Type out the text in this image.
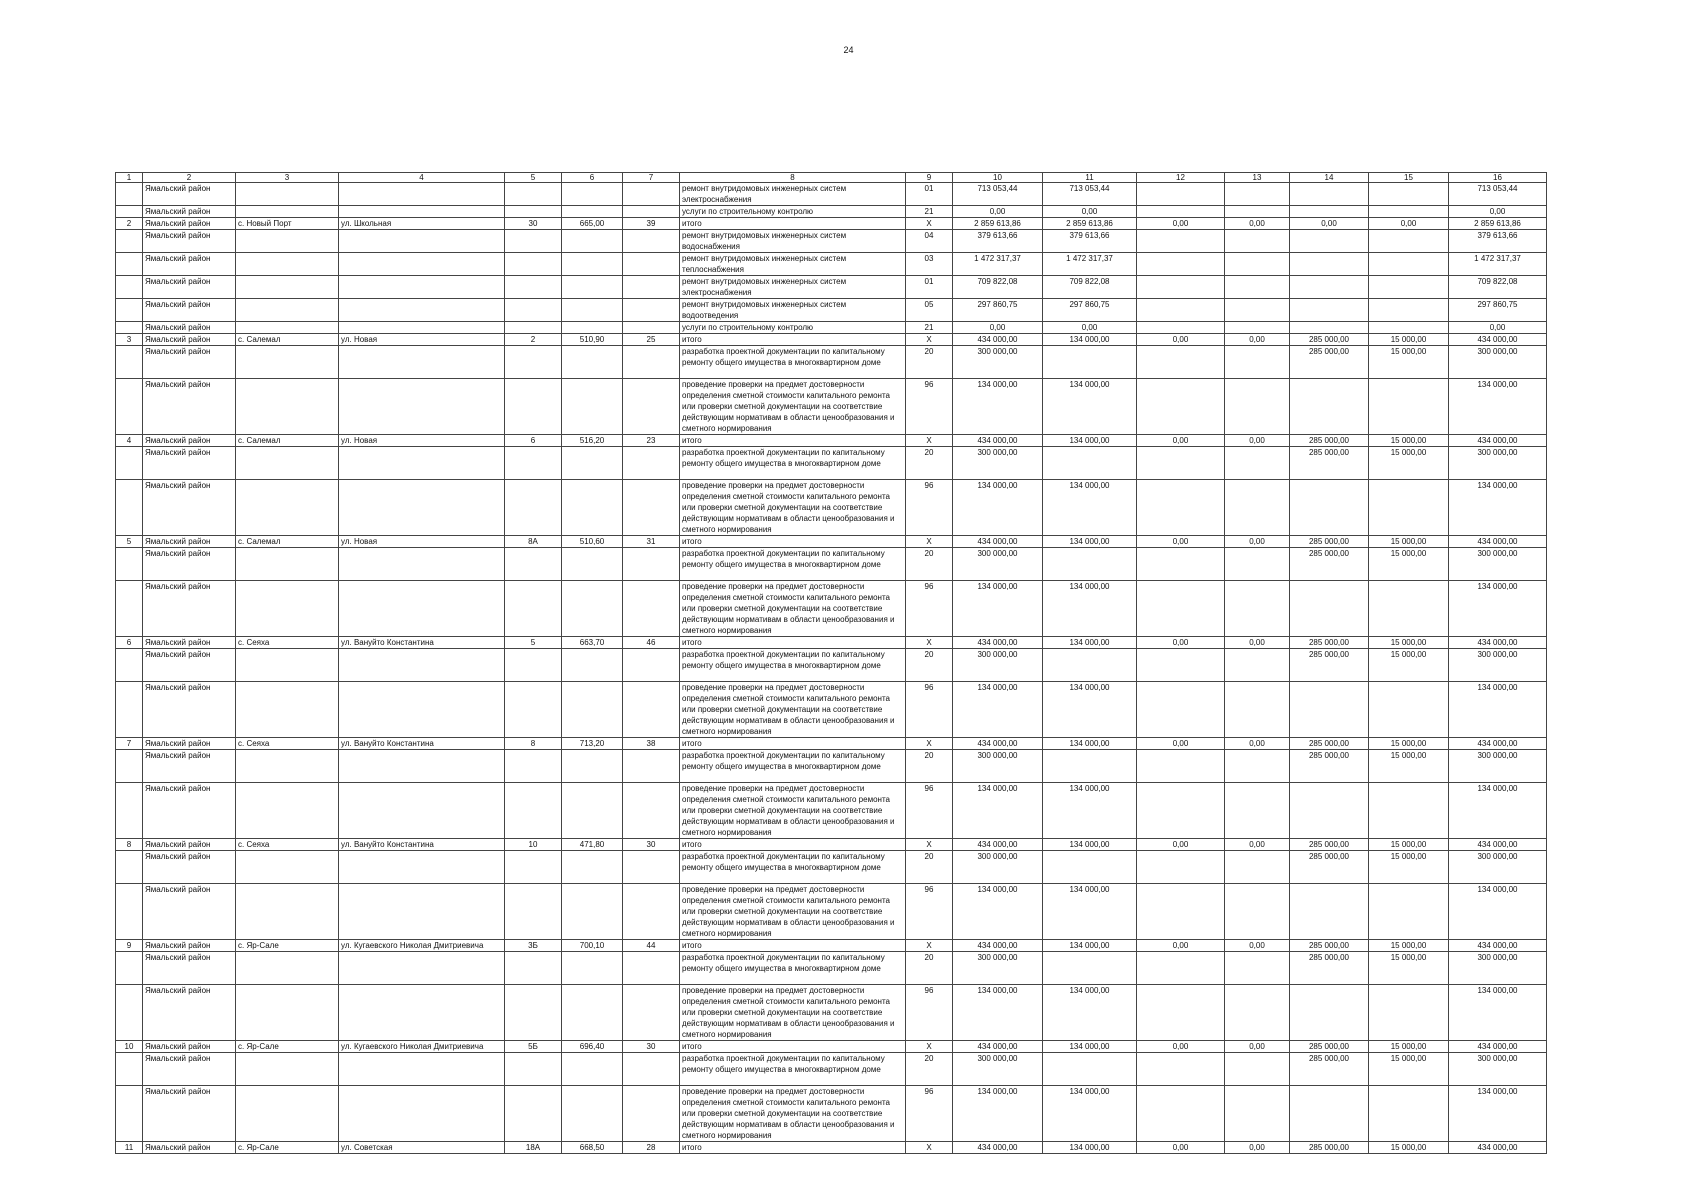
24
1	2	3	4	5	6	7	8	9	10	11	12	13	14	15	16
	Ямальский район						ремонт внутридомовых инженерных систем электроснабжения	01	713 053,44	713 053,44					713 053,44
	Ямальский район						услуги по строительному контролю	21	0,00	0,00					0,00
2	Ямальский район	с. Новый Порт	ул. Школьная	30	665,00	39	итого	Х	2 859 613,86	2 859 613,86	0,00	0,00	0,00	0,00	2 859 613,86
	Ямальский район						ремонт внутридомовых инженерных систем водоснабжения	04	379 613,66	379 613,66					379 613,66
	Ямальский район						ремонт внутридомовых инженерных систем теплоснабжения	03	1 472 317,37	1 472 317,37					1 472 317,37
	Ямальский район						ремонт внутридомовых инженерных систем электроснабжения	01	709 822,08	709 822,08					709 822,08
	Ямальский район						ремонт внутридомовых инженерных систем водоотведения	05	297 860,75	297 860,75					297 860,75
	Ямальский район						услуги по строительному контролю	21	0,00	0,00					0,00
3	Ямальский район	с. Салемал	ул. Новая	2	510,90	25	итого	Х	434 000,00	134 000,00	0,00	0,00	285 000,00	15 000,00	434 000,00
	Ямальский район						разработка проектной документации по капитальному ремонту общего имущества в многоквартирном доме	20	300 000,00				285 000,00	15 000,00	300 000,00
	Ямальский район						проведение проверки на предмет достоверности определения сметной стоимости капитального ремонта или проверки сметной документации на соответствие действующим нормативам в области ценообразования и сметного нормирования	96	134 000,00	134 000,00					134 000,00
4	Ямальский район	с. Салемал	ул. Новая	6	516,20	23	итого	Х	434 000,00	134 000,00	0,00	0,00	285 000,00	15 000,00	434 000,00
	Ямальский район						разработка проектной документации по капитальному ремонту общего имущества в многоквартирном доме	20	300 000,00				285 000,00	15 000,00	300 000,00
	Ямальский район						проведение проверки на предмет достоверности определения сметной стоимости капитального ремонта или проверки сметной документации на соответствие действующим нормативам в области ценообразования и сметного нормирования	96	134 000,00	134 000,00					134 000,00
5	Ямальский район	с. Салемал	ул. Новая	8А	510,60	31	итого	Х	434 000,00	134 000,00	0,00	0,00	285 000,00	15 000,00	434 000,00
	Ямальский район						разработка проектной документации по капитальному ремонту общего имущества в многоквартирном доме	20	300 000,00				285 000,00	15 000,00	300 000,00
	Ямальский район						проведение проверки на предмет достоверности определения сметной стоимости капитального ремонта или проверки сметной документации на соответствие действующим нормативам в области ценообразования и сметного нормирования	96	134 000,00	134 000,00					134 000,00
6	Ямальский район	с. Сеяха	ул. Вануйто Константина	5	663,70	46	итого	Х	434 000,00	134 000,00	0,00	0,00	285 000,00	15 000,00	434 000,00
	Ямальский район						разработка проектной документации по капитальному ремонту общего имущества в многоквартирном доме	20	300 000,00				285 000,00	15 000,00	300 000,00
	Ямальский район						проведение проверки на предмет достоверности определения сметной стоимости капитального ремонта или проверки сметной документации на соответствие действующим нормативам в области ценообразования и сметного нормирования	96	134 000,00	134 000,00					134 000,00
7	Ямальский район	с. Сеяха	ул. Вануйто Константина	8	713,20	38	итого	Х	434 000,00	134 000,00	0,00	0,00	285 000,00	15 000,00	434 000,00
	Ямальский район						разработка проектной документации по капитальному ремонту общего имущества в многоквартирном доме	20	300 000,00				285 000,00	15 000,00	300 000,00
	Ямальский район						проведение проверки на предмет достоверности определения сметной стоимости капитального ремонта или проверки сметной документации на соответствие действующим нормативам в области ценообразования и сметного нормирования	96	134 000,00	134 000,00					134 000,00
8	Ямальский район	с. Сеяха	ул. Вануйто Константина	10	471,80	30	итого	Х	434 000,00	134 000,00	0,00	0,00	285 000,00	15 000,00	434 000,00
	Ямальский район						разработка проектной документации по капитальному ремонту общего имущества в многоквартирном доме	20	300 000,00				285 000,00	15 000,00	300 000,00
	Ямальский район						проведение проверки на предмет достоверности определения сметной стоимости капитального ремонта или проверки сметной документации на соответствие действующим нормативам в области ценообразования и сметного нормирования	96	134 000,00	134 000,00					134 000,00
9	Ямальский район	с. Яр-Сале	ул. Кугаевского Николая Дмитриевича	3Б	700,10	44	итого	Х	434 000,00	134 000,00	0,00	0,00	285 000,00	15 000,00	434 000,00
	Ямальский район						разработка проектной документации по капитальному ремонту общего имущества в многоквартирном доме	20	300 000,00				285 000,00	15 000,00	300 000,00
	Ямальский район						проведение проверки на предмет достоверности определения сметной стоимости капитального ремонта или проверки сметной документации на соответствие действующим нормативам в области ценообразования и сметного нормирования	96	134 000,00	134 000,00					134 000,00
10	Ямальский район	с. Яр-Сале	ул. Кугаевского Николая Дмитриевича	5Б	696,40	30	итого	Х	434 000,00	134 000,00	0,00	0,00	285 000,00	15 000,00	434 000,00
	Ямальский район						разработка проектной документации по капитальному ремонту общего имущества в многоквартирном доме	20	300 000,00				285 000,00	15 000,00	300 000,00
	Ямальский район						проведение проверки на предмет достоверности определения сметной стоимости капитального ремонта или проверки сметной документации на соответствие действующим нормативам в области ценообразования и сметного нормирования	96	134 000,00	134 000,00					134 000,00
11	Ямальский район	с. Яр-Сале	ул. Советская	18А	668,50	28	итого	Х	434 000,00	134 000,00	0,00	0,00	285 000,00	15 000,00	434 000,00
